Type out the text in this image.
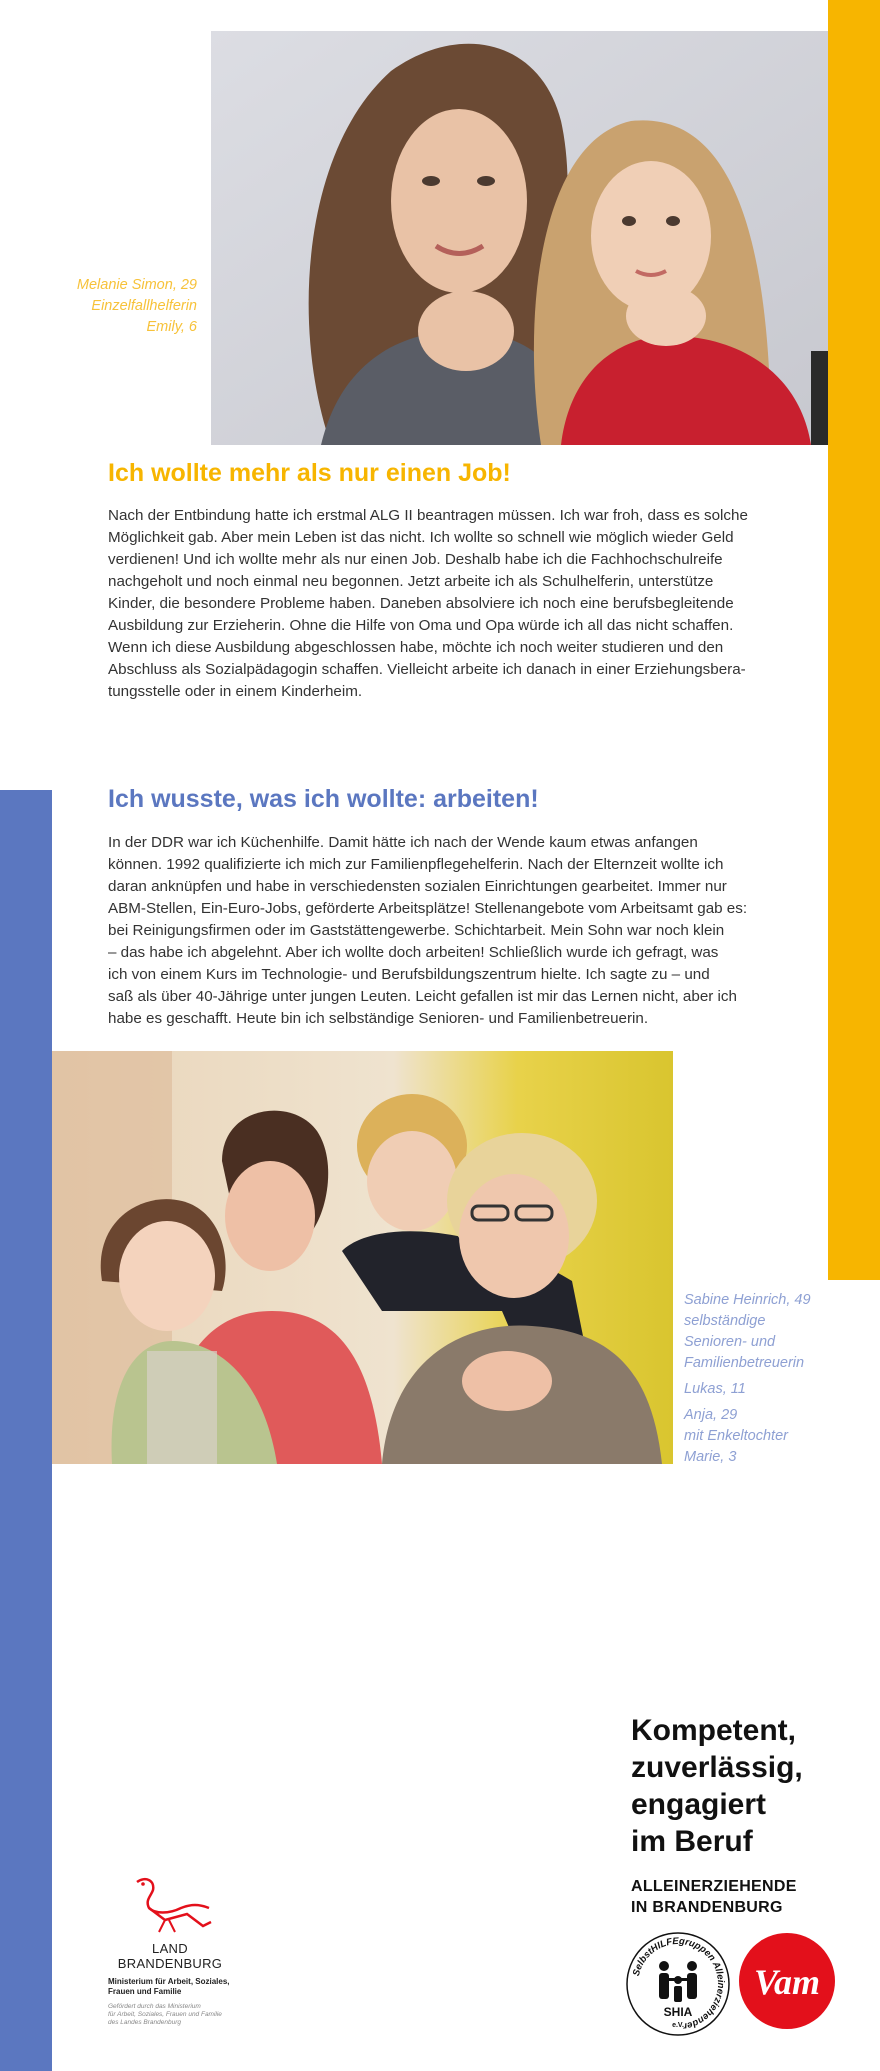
Melanie Simon, 29
Einzelfallhelferin
Emily, 6
Ich wollte mehr als nur einen Job!

Nach der Entbindung hatte ich erstmal ALG II beantragen müssen. Ich war froh, dass es solche
Möglichkeit gab. Aber mein Leben ist das nicht. Ich wollte so schnell wie möglich wieder Geld
verdienen! Und ich wollte mehr als nur einen Job. Deshalb habe ich die Fachhochschulreife
nachgeholt und noch einmal neu begonnen. Jetzt arbeite ich als Schulhelferin, unterstütze
Kinder, die besondere Probleme haben. Daneben absolviere ich noch eine berufsbegleitende
Ausbildung zur Erzieherin. Ohne die Hilfe von Oma und Opa würde ich all das nicht schaffen.
Wenn ich diese Ausbildung abgeschlossen habe, möchte ich noch weiter studieren und den
Abschluss als Sozialpädagogin schaffen. Vielleicht arbeite ich danach in einer Erziehungsbera-
tungsstelle oder in einem Kinderheim.

Ich wusste, was ich wollte: arbeiten!

In der DDR war ich Küchenhilfe. Damit hätte ich nach der Wende kaum etwas anfangen
können. 1992 qualifizierte ich mich zur Familienpflegehelferin. Nach der Elternzeit wollte ich
daran anknüpfen und habe in verschiedensten sozialen Einrichtungen gearbeitet. Immer nur
ABM-Stellen, Ein-Euro-Jobs, geförderte Arbeitsplätze! Stellenangebote vom Arbeitsamt gab es:
bei Reinigungsfirmen oder im Gaststättengewerbe. Schichtarbeit. Mein Sohn war noch klein
– das habe ich abgelehnt. Aber ich wollte doch arbeiten! Schließlich wurde ich gefragt, was
ich von einem Kurs im Technologie- und Berufsbildungszentrum hielte. Ich sagte zu – und
saß als über 40-Jährige unter jungen Leuten. Leicht gefallen ist mir das Lernen nicht, aber ich
habe es geschafft. Heute bin ich selbständige Senioren- und Familienbetreuerin.

Sabine Heinrich, 49
selbständige
Senioren- und
Familienbetreuerin
Lukas, 11
Anja, 29
mit Enkeltochter
Marie, 3
Kompetent,
zuverlässig,
engagiert
im Beruf
ALLEINERZIEHENDE
IN BRANDENBURG
LAND
BRANDENBURG
Ministerium für Arbeit, Soziales,
Frauen und Familie
Gefördert durch das Ministerium
für Arbeit, Soziales, Frauen und Familie
des Landes Brandenburg
SelbstHILFEgruppen Alleinerziehender
SHIA
e.V.
Vam
